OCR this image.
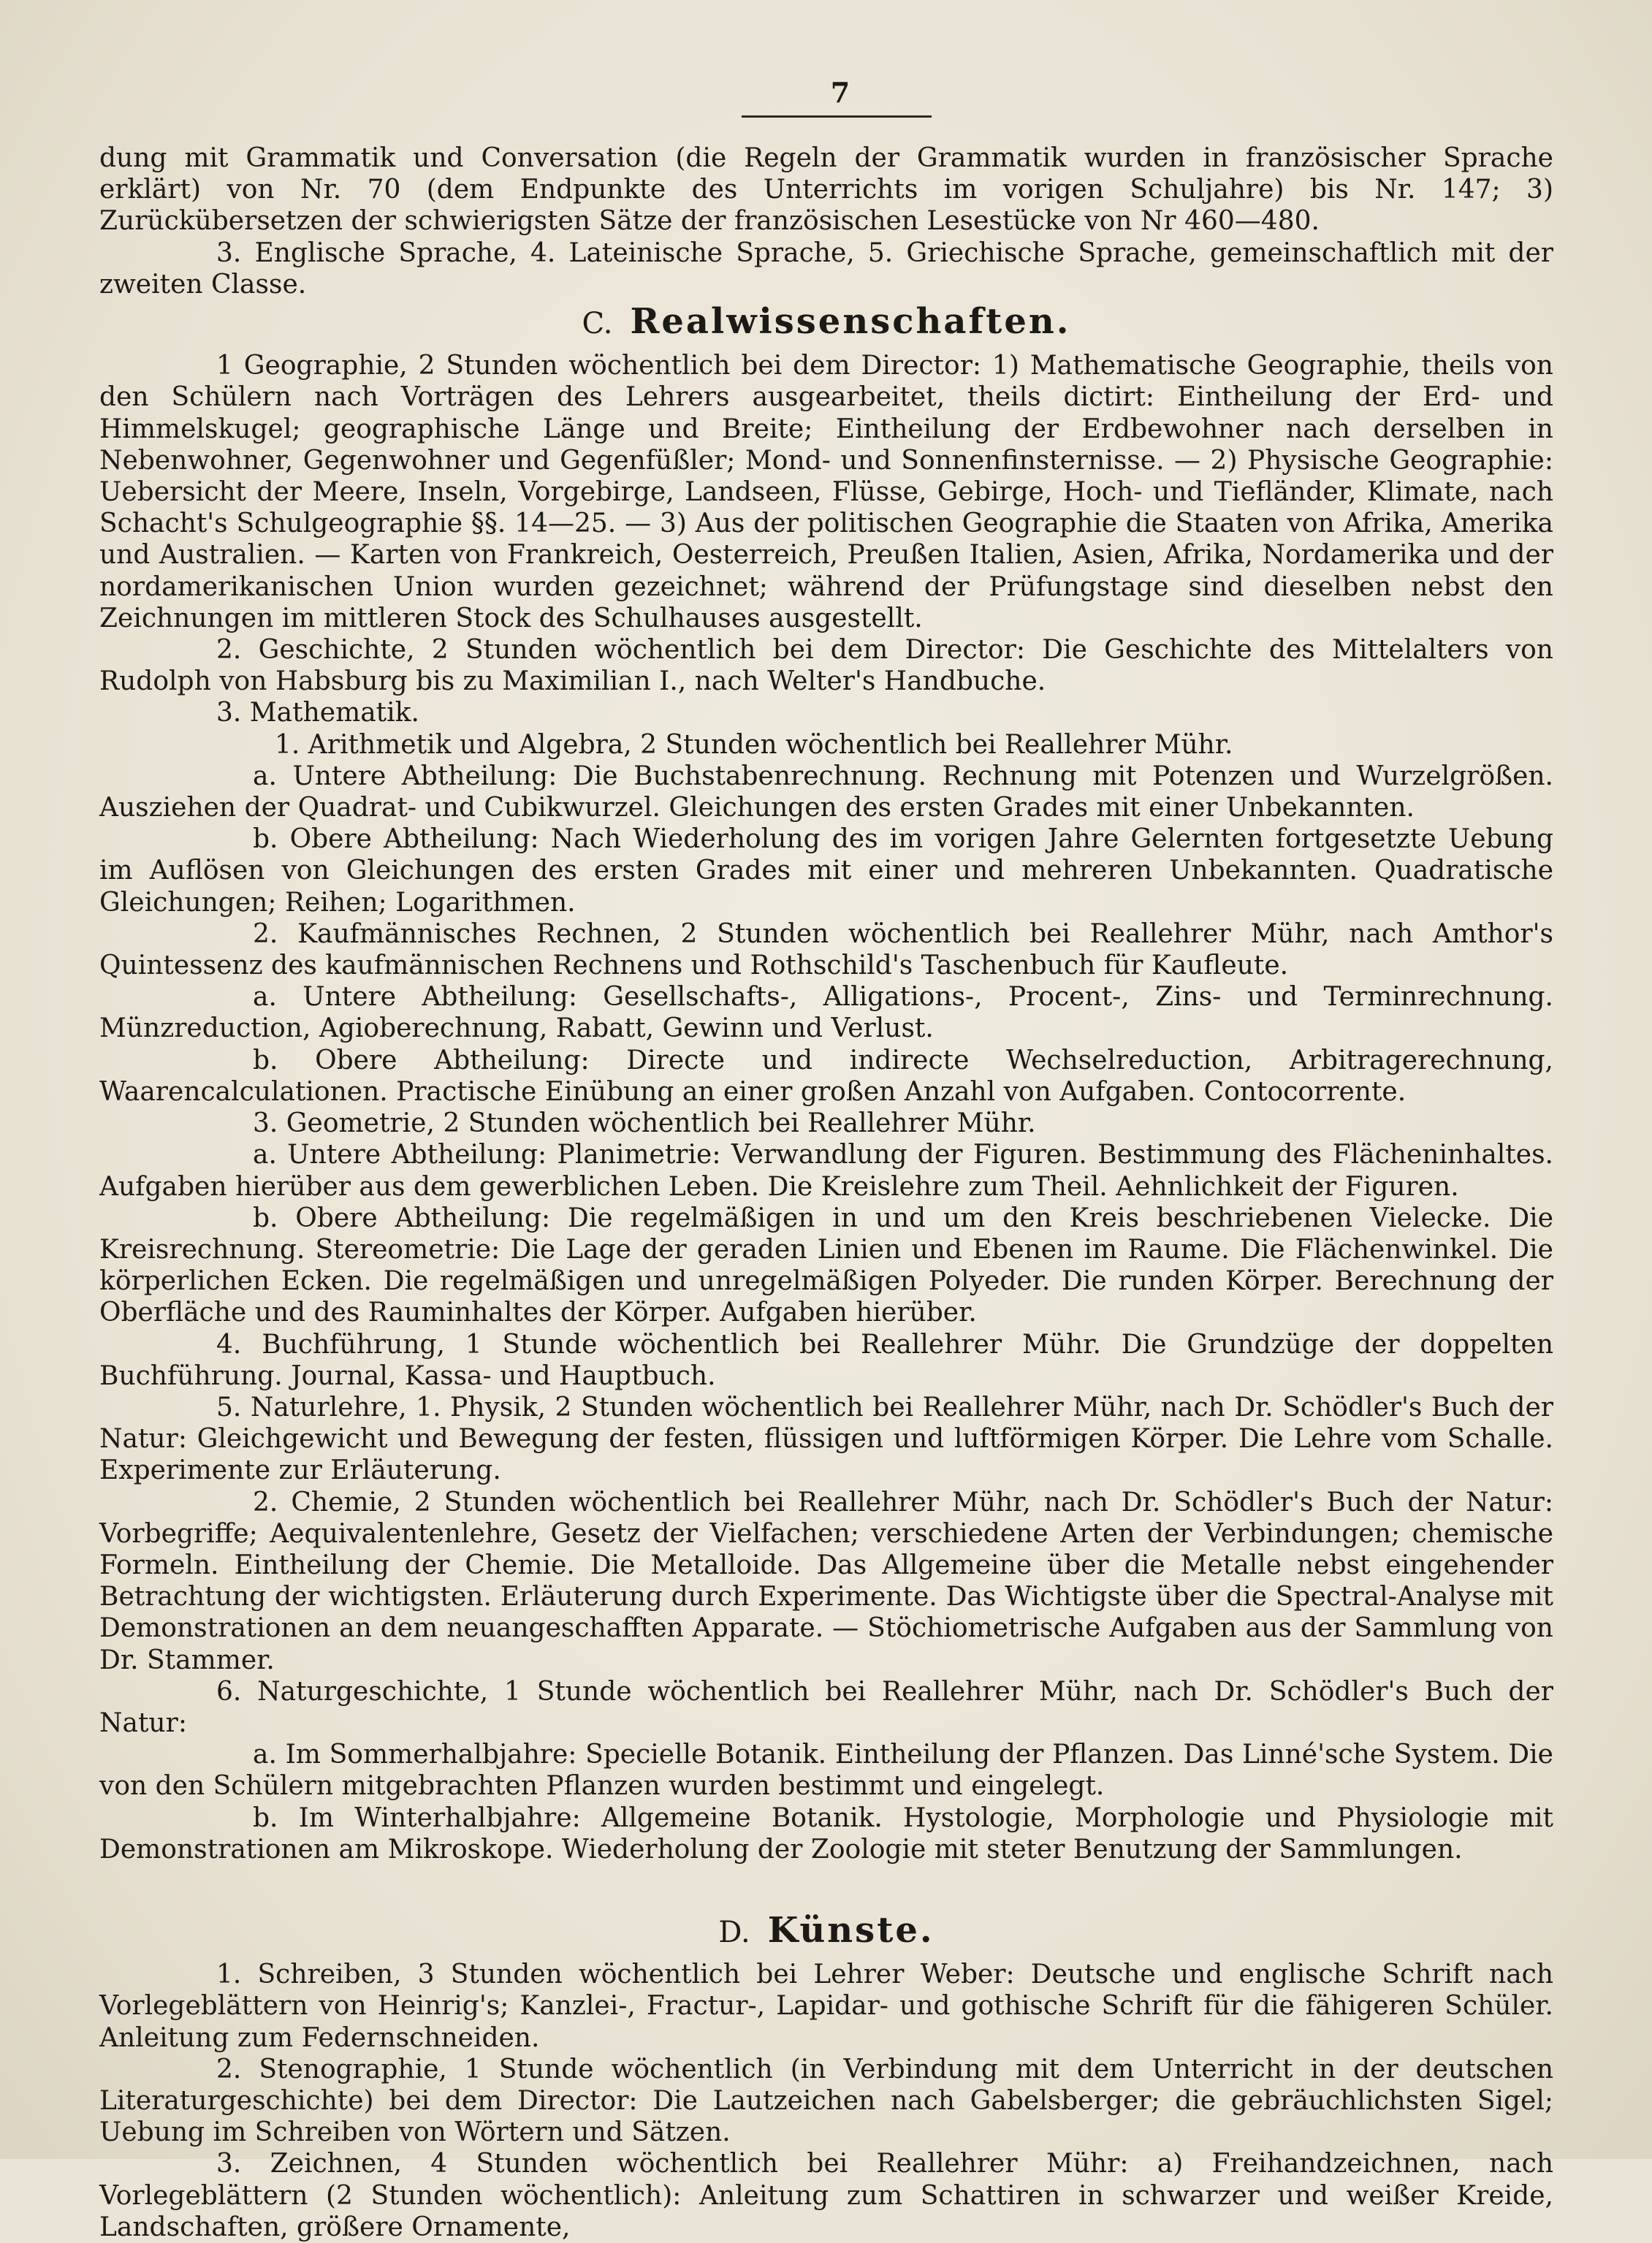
7

dung mit Grammatik und Conversation (die Regeln der Grammatik wurden in französischer Sprache erklärt) von Nr. 70 (dem Endpunkte des Unterrichts im vorigen Schuljahre) bis Nr. 147; 3) Zurückübersetzen der schwierigsten Sätze der französischen Lesestücke von Nr 460—480.

3. Englische Sprache, 4. Lateinische Sprache, 5. Griechische Sprache, gemeinschaftlich mit der zweiten Classe.

C. Realwissenschaften.

1 Geographie, 2 Stunden wöchentlich bei dem Director: 1) Mathematische Geographie, theils von den Schülern nach Vorträgen des Lehrers ausgearbeitet, theils dictirt: Eintheilung der Erd- und Himmelskugel; geographische Länge und Breite; Eintheilung der Erdbewohner nach derselben in Nebenwohner, Gegenwohner und Gegenfüßler; Mond- und Sonnenfinsternisse. — 2) Physische Geographie: Uebersicht der Meere, Inseln, Vorgebirge, Landseen, Flüsse, Gebirge, Hoch- und Tiefländer, Klimate, nach Schacht's Schulgeographie §§. 14—25. — 3) Aus der politischen Geographie die Staaten von Afrika, Amerika und Australien. — Karten von Frankreich, Oesterreich, Preußen Italien, Asien, Afrika, Nordamerika und der nordamerikanischen Union wurden gezeichnet; während der Prüfungstage sind dieselben nebst den Zeichnungen im mittleren Stock des Schulhauses ausgestellt.

2. Geschichte, 2 Stunden wöchentlich bei dem Director: Die Geschichte des Mittelalters von Rudolph von Habsburg bis zu Maximilian I., nach Welter's Handbuche.

3. Mathematik.

1. Arithmetik und Algebra, 2 Stunden wöchentlich bei Reallehrer Mühr.

a. Untere Abtheilung: Die Buchstabenrechnung. Rechnung mit Potenzen und Wurzelgrößen. Ausziehen der Quadrat- und Cubikwurzel. Gleichungen des ersten Grades mit einer Unbekannten.

b. Obere Abtheilung: Nach Wiederholung des im vorigen Jahre Gelernten fortgesetzte Uebung im Auflösen von Gleichungen des ersten Grades mit einer und mehreren Unbekannten. Quadratische Gleichungen; Reihen; Logarithmen.

2. Kaufmännisches Rechnen, 2 Stunden wöchentlich bei Reallehrer Mühr, nach Amthor's Quintessenz des kaufmännischen Rechnens und Rothschild's Taschenbuch für Kaufleute.

a. Untere Abtheilung: Gesellschafts-, Alligations-, Procent-, Zins- und Terminrechnung. Münzreduction, Agioberechnung, Rabatt, Gewinn und Verlust.

b. Obere Abtheilung: Directe und indirecte Wechselreduction, Arbitragerechnung, Waarencalculationen. Practische Einübung an einer großen Anzahl von Aufgaben. Contocorrente.

3. Geometrie, 2 Stunden wöchentlich bei Reallehrer Mühr.

a. Untere Abtheilung: Planimetrie: Verwandlung der Figuren. Bestimmung des Flächeninhaltes. Aufgaben hierüber aus dem gewerblichen Leben. Die Kreislehre zum Theil. Aehnlichkeit der Figuren.

b. Obere Abtheilung: Die regelmäßigen in und um den Kreis beschriebenen Vielecke. Die Kreisrechnung. Stereometrie: Die Lage der geraden Linien und Ebenen im Raume. Die Flächenwinkel. Die körperlichen Ecken. Die regelmäßigen und unregelmäßigen Polyeder. Die runden Körper. Berechnung der Oberfläche und des Rauminhaltes der Körper. Aufgaben hierüber.

4. Buchführung, 1 Stunde wöchentlich bei Reallehrer Mühr. Die Grundzüge der doppelten Buchführung. Journal, Kassa- und Hauptbuch.

5. Naturlehre, 1. Physik, 2 Stunden wöchentlich bei Reallehrer Mühr, nach Dr. Schödler's Buch der Natur: Gleichgewicht und Bewegung der festen, flüssigen und luftförmigen Körper. Die Lehre vom Schalle. Experimente zur Erläuterung.

2. Chemie, 2 Stunden wöchentlich bei Reallehrer Mühr, nach Dr. Schödler's Buch der Natur: Vorbegriffe; Aequivalentenlehre, Gesetz der Vielfachen; verschiedene Arten der Verbindungen; chemische Formeln. Eintheilung der Chemie. Die Metalloide. Das Allgemeine über die Metalle nebst eingehender Betrachtung der wichtigsten. Erläuterung durch Experimente. Das Wichtigste über die Spectral-Analyse mit Demonstrationen an dem neuangeschafften Apparate. — Stöchiometrische Aufgaben aus der Sammlung von Dr. Stammer.

6. Naturgeschichte, 1 Stunde wöchentlich bei Reallehrer Mühr, nach Dr. Schödler's Buch der Natur:

a. Im Sommerhalbjahre: Specielle Botanik. Eintheilung der Pflanzen. Das Linné'sche System. Die von den Schülern mitgebrachten Pflanzen wurden bestimmt und eingelegt.

b. Im Winterhalbjahre: Allgemeine Botanik. Hystologie, Morphologie und Physiologie mit Demonstrationen am Mikroskope. Wiederholung der Zoologie mit steter Benutzung der Sammlungen.

D. Künste.

1. Schreiben, 3 Stunden wöchentlich bei Lehrer Weber: Deutsche und englische Schrift nach Vorlegeblättern von Heinrig's; Kanzlei-, Fractur-, Lapidar- und gothische Schrift für die fähigeren Schüler. Anleitung zum Federnschneiden.

2. Stenographie, 1 Stunde wöchentlich (in Verbindung mit dem Unterricht in der deutschen Literaturgeschichte) bei dem Director: Die Lautzeichen nach Gabelsberger; die gebräuchlichsten Sigel; Uebung im Schreiben von Wörtern und Sätzen.

3. Zeichnen, 4 Stunden wöchentlich bei Reallehrer Mühr: a) Freihandzeichnen, nach Vorlegeblättern (2 Stunden wöchentlich): Anleitung zum Schattiren in schwarzer und weißer Kreide, Landschaften, größere Ornamente,
